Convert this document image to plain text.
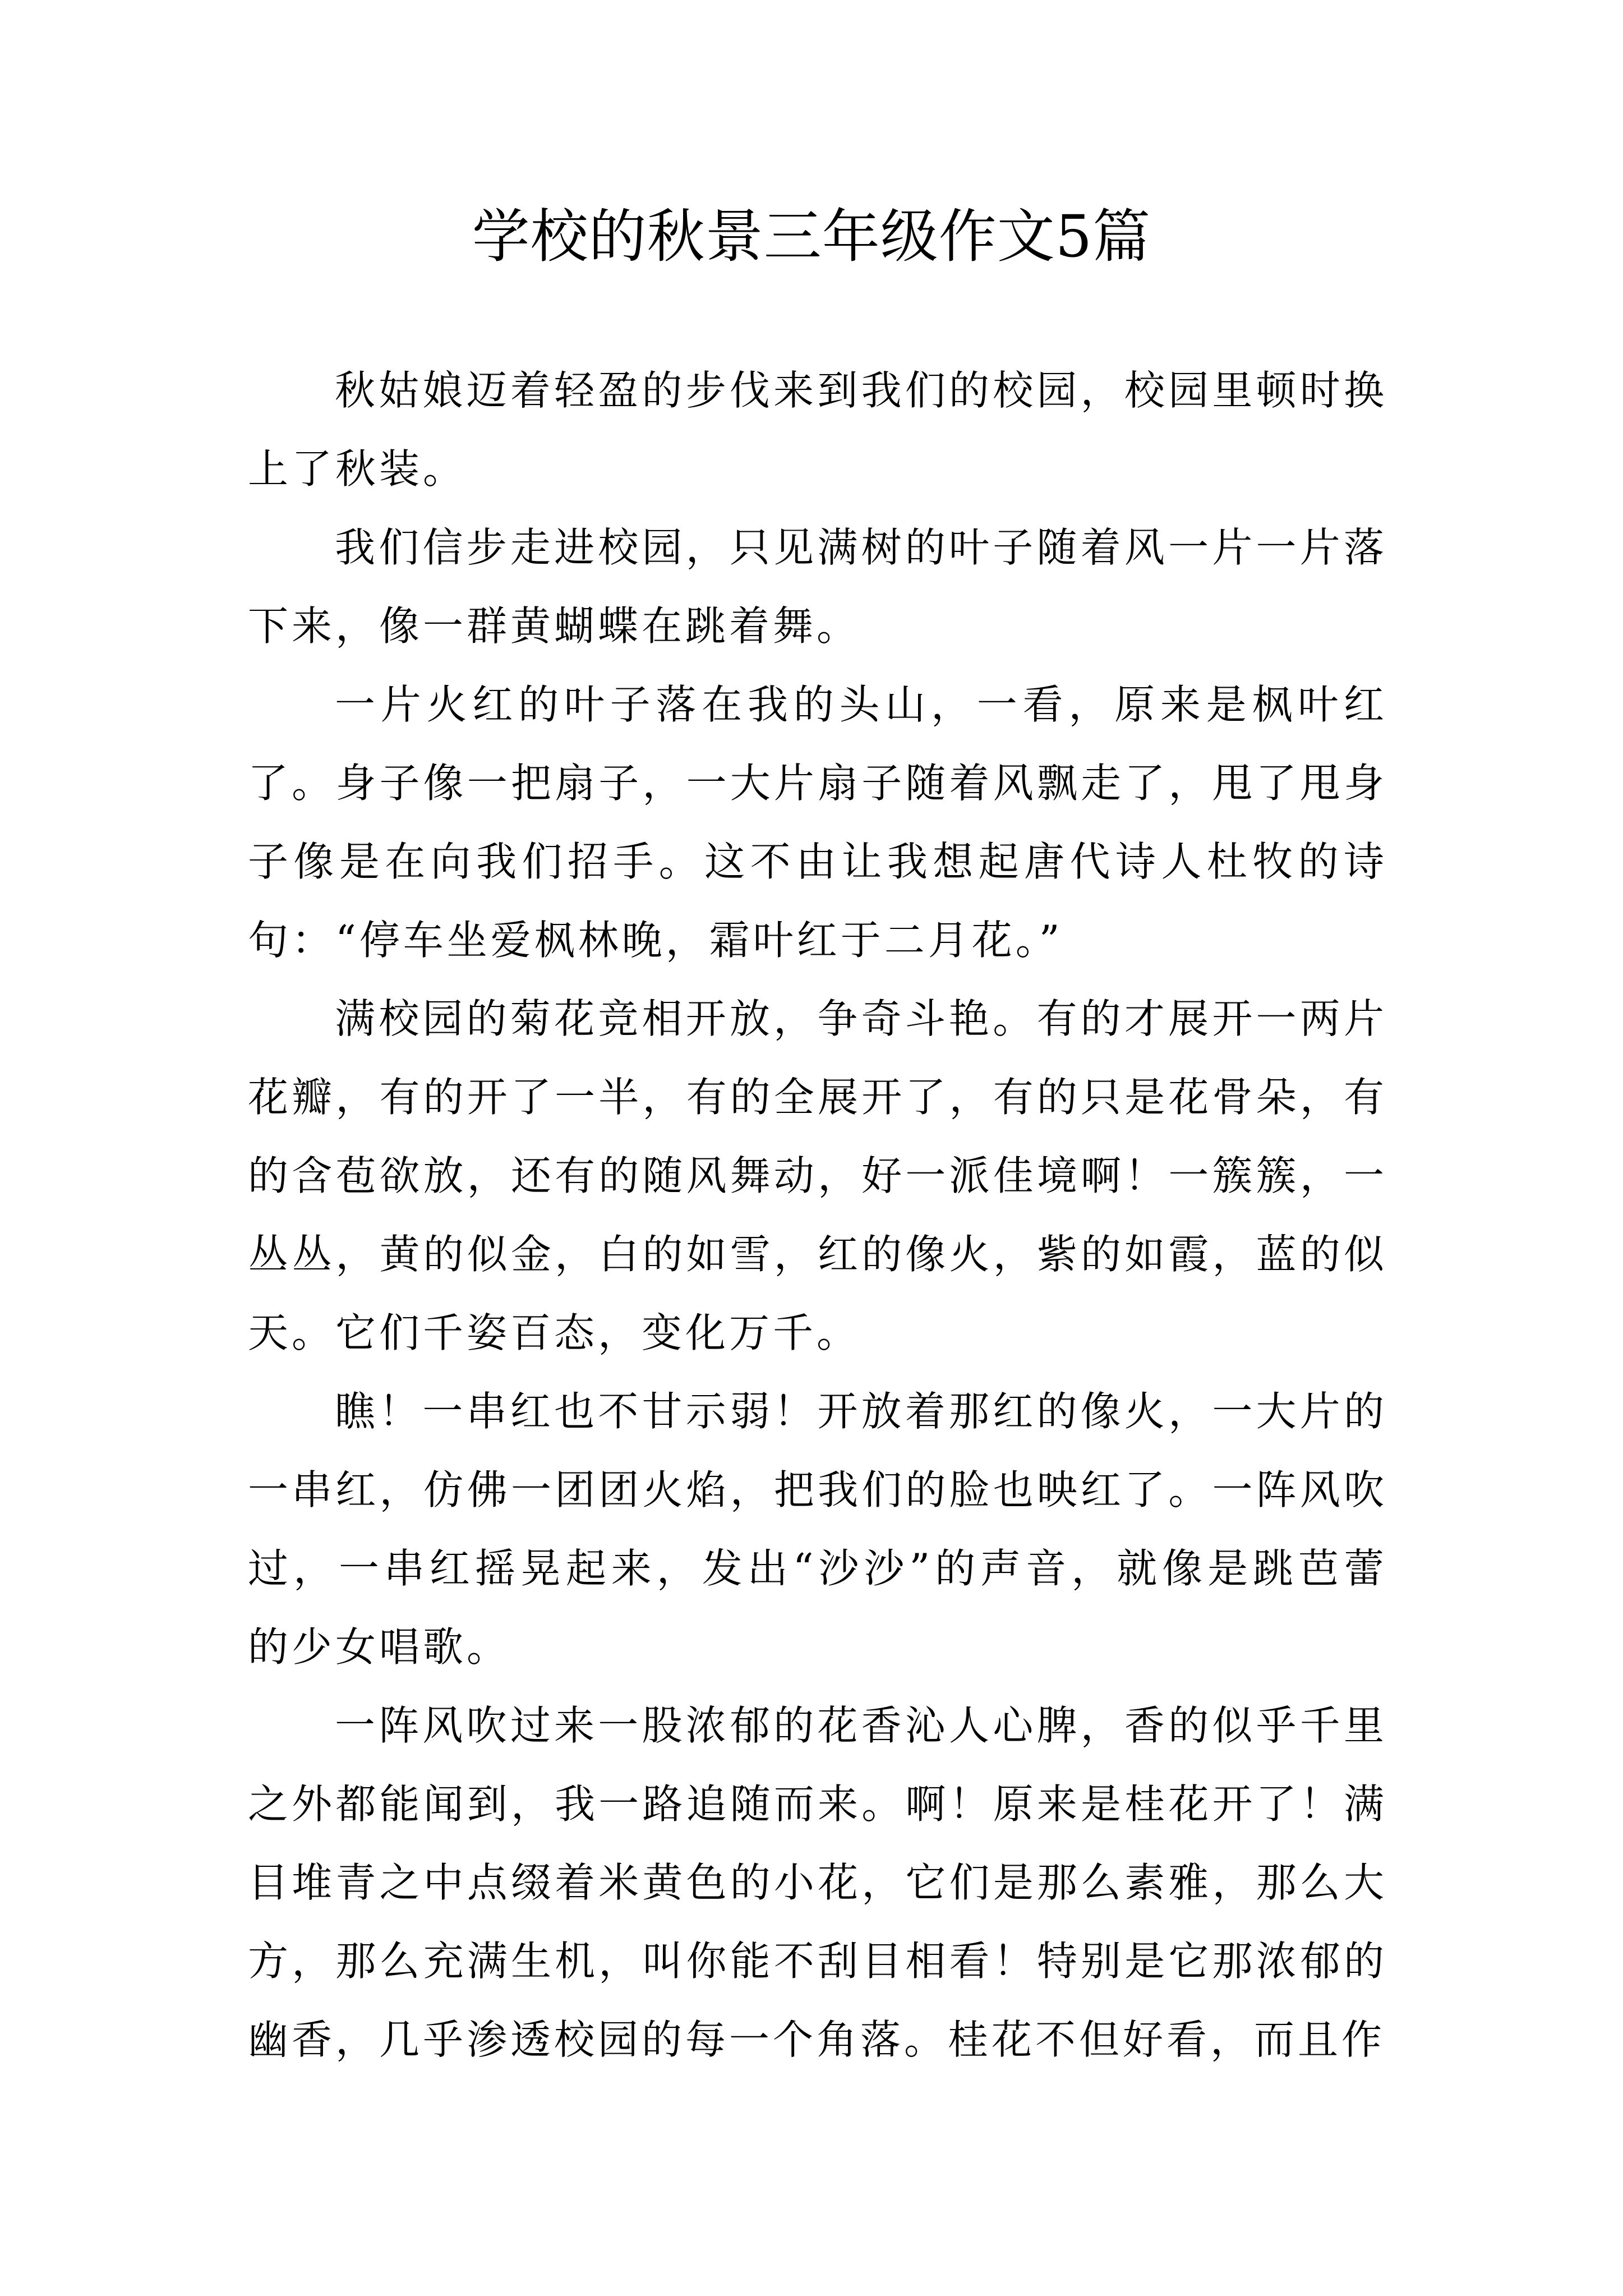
学校的秋景三年级作文5篇

秋姑娘迈着轻盈的步伐来到我们的校园，校园里顿时换上了秋装。

我们信步走进校园，只见满树的叶子随着风一片一片落下来，像一群黄蝴蝶在跳着舞。

一片火红的叶子落在我的头山，一看，原来是枫叶红了。身子像一把扇子，一大片扇子随着风飘走了，甩了甩身子像是在向我们招手。这不由让我想起唐代诗人杜牧的诗句：“停车坐爱枫林晚，霜叶红于二月花。”

满校园的菊花竞相开放，争奇斗艳。有的才展开一两片花瓣，有的开了一半，有的全展开了，有的只是花骨朵，有的含苞欲放，还有的随风舞动，好一派佳境啊！一簇簇，一丛丛，黄的似金，白的如雪，红的像火，紫的如霞，蓝的似天。它们千姿百态，变化万千。

瞧！一串红也不甘示弱！开放着那红的像火，一大片的一串红，仿佛一团团火焰，把我们的脸也映红了。一阵风吹过，一串红摇晃起来，发出“沙沙”的声音，就像是跳芭蕾的少女唱歌。

一阵风吹过来一股浓郁的花香沁人心脾，香的似乎千里之外都能闻到，我一路追随而来。啊！原来是桂花开了！满目堆青之中点缀着米黄色的小花，它们是那么素雅，那么大方，那么充满生机，叫你能不刮目相看！特别是它那浓郁的幽香，几乎渗透校园的每一个角落。桂花不但好看，而且作
